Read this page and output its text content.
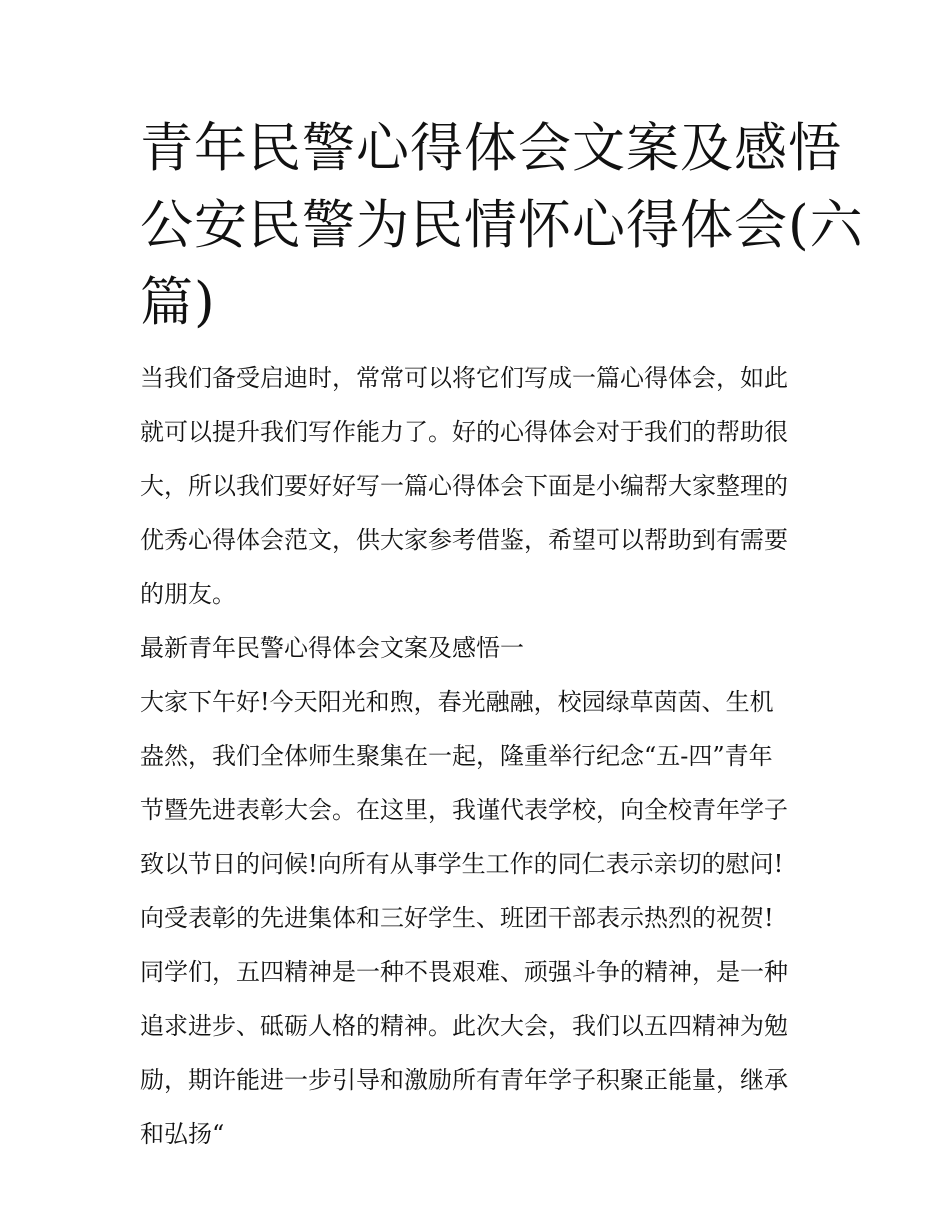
青年民警心得体会文案及感悟
公安民警为民情怀心得体会(六
篇)
当我们备受启迪时，常常可以将它们写成一篇心得体会，如此
就可以提升我们写作能力了。好的心得体会对于我们的帮助很
大，所以我们要好好写一篇心得体会下面是小编帮大家整理的
优秀心得体会范文，供大家参考借鉴，希望可以帮助到有需要
的朋友。
最新青年民警心得体会文案及感悟一
大家下午好!今天阳光和煦，春光融融，校园绿草茵茵、生机
盎然，我们全体师生聚集在一起，隆重举行纪念“五-四”青年
节暨先进表彰大会。在这里，我谨代表学校，向全校青年学子
致以节日的问候!向所有从事学生工作的同仁表示亲切的慰问!
向受表彰的先进集体和三好学生、班团干部表示热烈的祝贺!
同学们，五四精神是一种不畏艰难、顽强斗争的精神，是一种
追求进步、砥砺人格的精神。此次大会，我们以五四精神为勉
励，期许能进一步引导和激励所有青年学子积聚正能量，继承
和弘扬“
